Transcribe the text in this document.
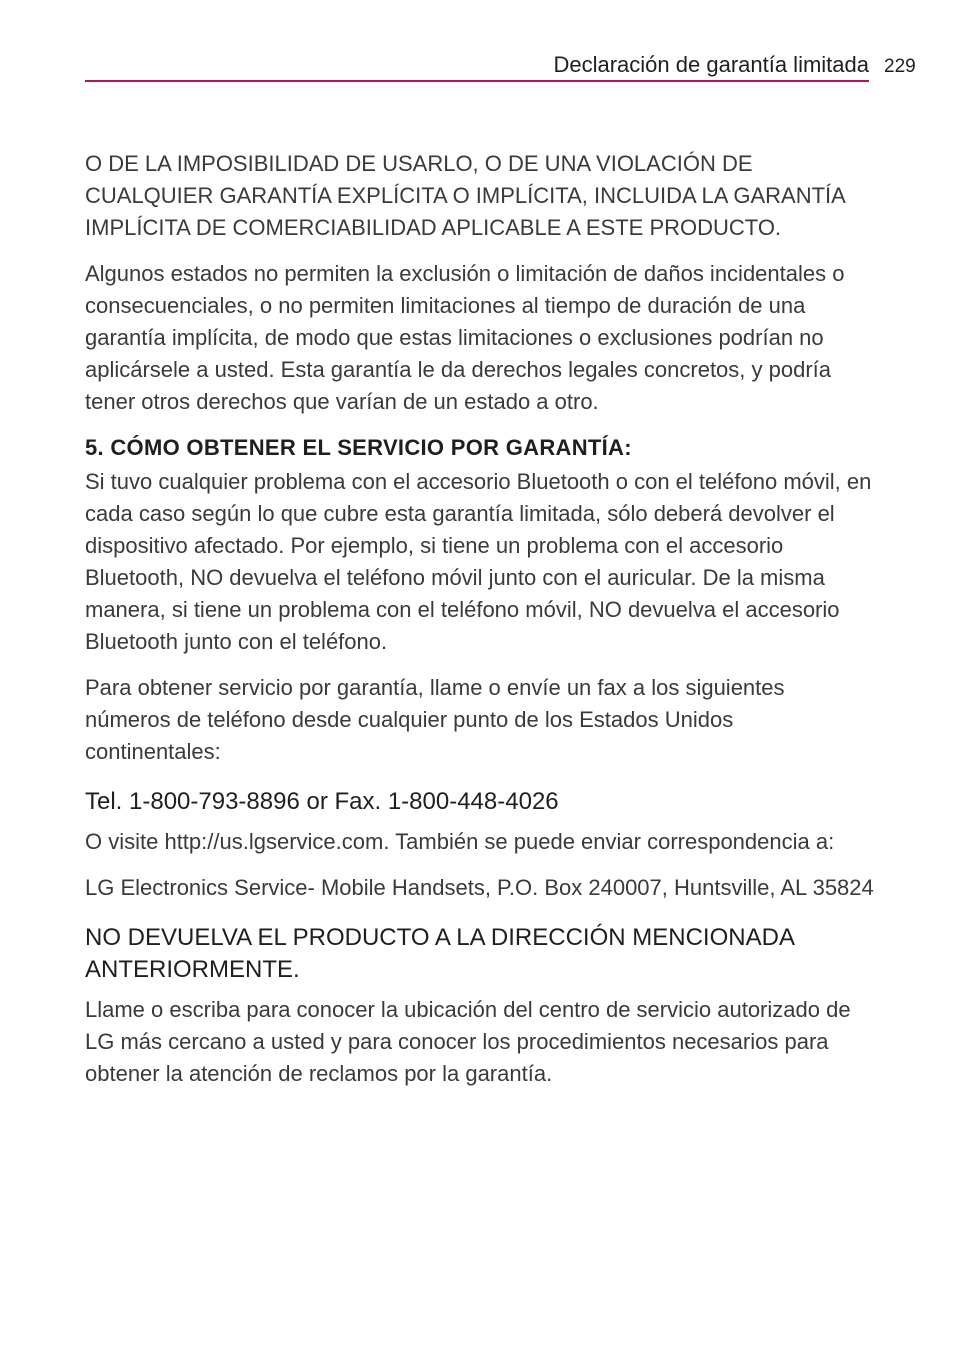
Declaración de garantía limitada 229

O DE LA IMPOSIBILIDAD DE USARLO, O DE UNA VIOLACIÓN DE CUALQUIER GARANTÍA EXPLÍCITA O IMPLÍCITA, INCLUIDA LA GARANTÍA IMPLÍCITA DE COMERCIABILIDAD APLICABLE A ESTE PRODUCTO.

Algunos estados no permiten la exclusión o limitación de daños incidentales o consecuenciales, o no permiten limitaciones al tiempo de duración de una garantía implícita, de modo que estas limitaciones o exclusiones podrían no aplicársele a usted. Esta garantía le da derechos legales concretos, y podría tener otros derechos que varían de un estado a otro.

5. CÓMO OBTENER EL SERVICIO POR GARANTÍA:

Si tuvo cualquier problema con el accesorio Bluetooth o con el teléfono móvil, en cada caso según lo que cubre esta garantía limitada, sólo deberá devolver el dispositivo afectado. Por ejemplo, si tiene un problema con el accesorio Bluetooth, NO devuelva el teléfono móvil junto con el auricular. De la misma manera, si tiene un problema con el teléfono móvil, NO devuelva el accesorio Bluetooth junto con el teléfono.

Para obtener servicio por garantía, llame o envíe un fax a los siguientes números de teléfono desde cualquier punto de los Estados Unidos continentales:

Tel. 1-800-793-8896 or Fax. 1-800-448-4026

O visite http://us.lgservice.com. También se puede enviar correspondencia a:

LG Electronics Service- Mobile Handsets, P.O. Box 240007, Huntsville, AL 35824

NO DEVUELVA EL PRODUCTO A LA DIRECCIÓN MENCIONADA ANTERIORMENTE.

Llame o escriba para conocer la ubicación del centro de servicio autorizado de LG más cercano a usted y para conocer los procedimientos necesarios para obtener la atención de reclamos por la garantía.
